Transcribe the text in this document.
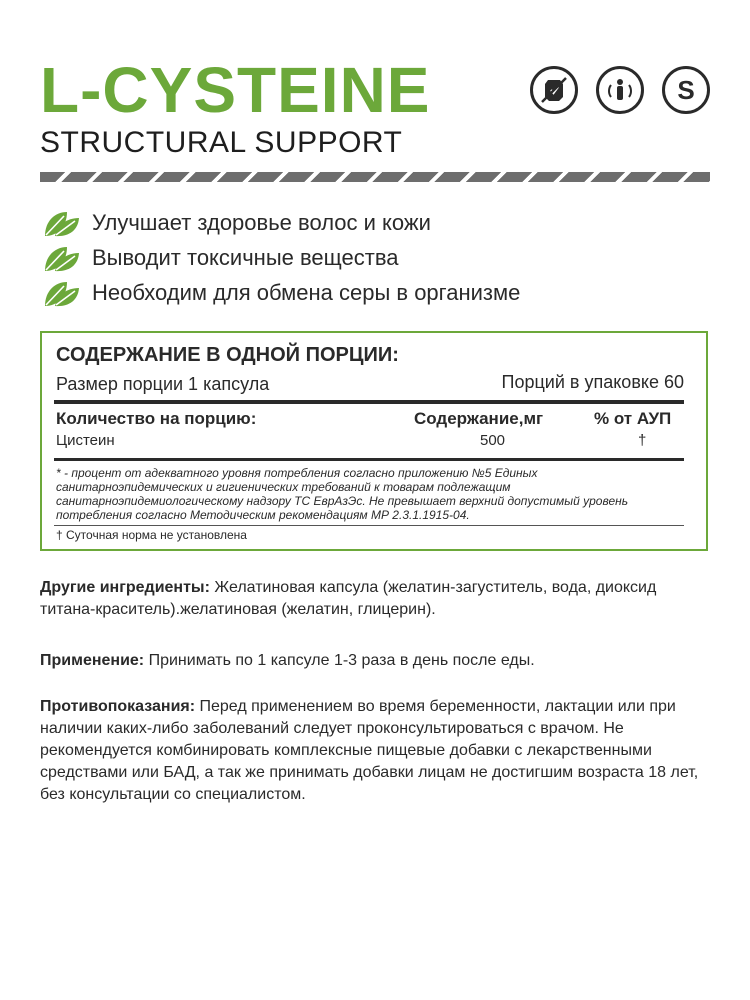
L-CYSTEINE
STRUCTURAL SUPPORT
S
Улучшает здоровье волос и кожи
Выводит токсичные вещества
Необходим для обмена серы в организме
СОДЕРЖАНИЕ В ОДНОЙ ПОРЦИИ:
Размер порции 1 капсула	Порций в упаковке 60
Количество на порцию:	Содержание,мг	% от АУП
Цистеин	500	†
* - процент от адекватного уровня потребления согласно приложению №5 Единых санитарноэпидемических и гигиенических требований к товарам подлежащим санитарноэпидемиологическому надзору ТС ЕврАзЭс. Не превышает верхний допустимый уровень потребления согласно Методическим рекомендациям МР 2.3.1.1915-04.
† Суточная норма не установлена

Другие ингредиенты: Желатиновая капсула (желатин-загуститель, вода, диоксид титана-краситель).желатиновая (желатин, глицерин).

Применение: Принимать по 1 капсуле 1-3 раза в день после еды.

Противопоказания: Перед применением во время беременности, лактации или при наличии каких-либо заболеваний следует проконсультироваться с врачом. Не рекомендуется комбинировать комплексные пищевые добавки с лекарственными средствами или БАД, а так же принимать добавки лицам не достигшим возраста 18 лет, без консультации со специалистом.
